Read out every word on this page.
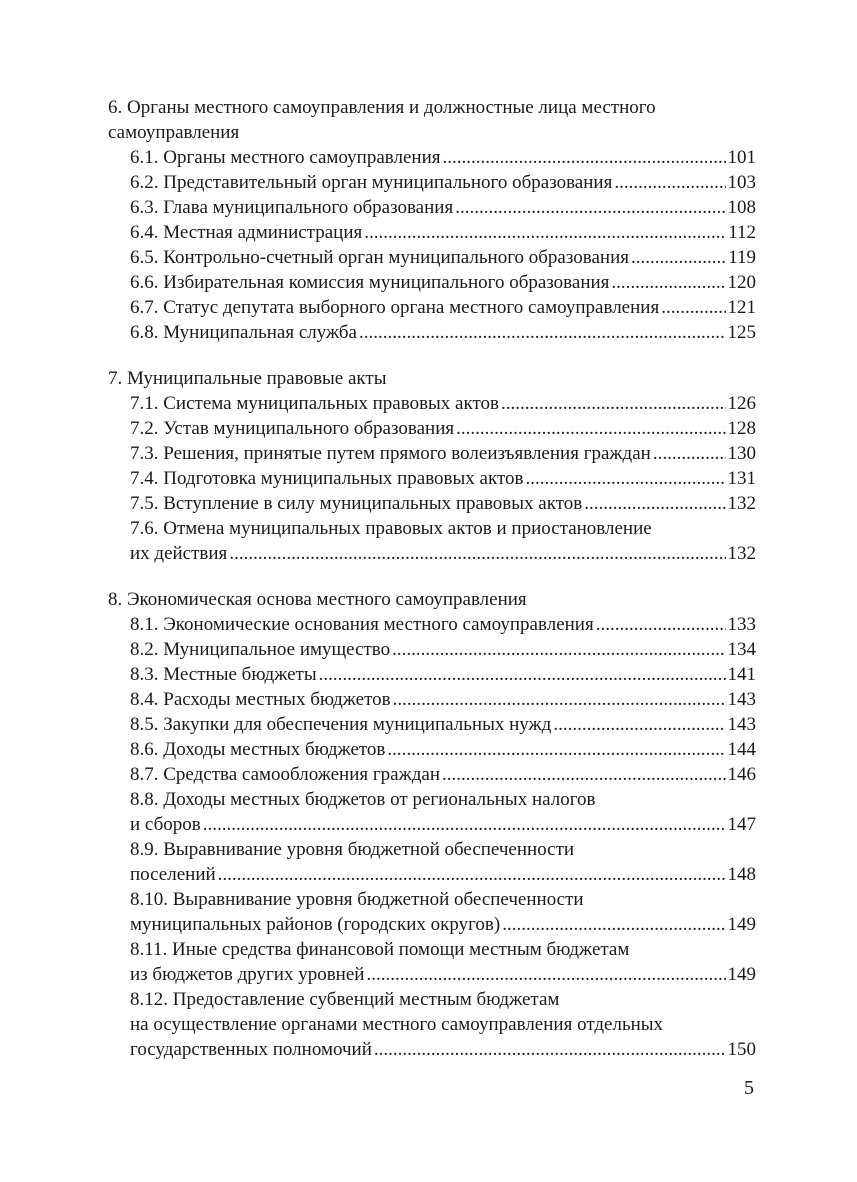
6. Органы местного самоуправления и должностные лица местного
самоуправления
6.1. Органы местного самоуправления .....	101
6.2. Представительный орган муниципального образования .....	103
6.3. Глава муниципального образования .....	108
6.4. Местная администрация .....	112
6.5. Контрольно-счетный орган муниципального образования .....	119
6.6. Избирательная комиссия муниципального образования .....	120
6.7. Статус депутата выборного органа местного самоуправления .....	121
6.8. Муниципальная служба .....	125
7. Муниципальные правовые акты
7.1. Система муниципальных правовых актов .....	126
7.2. Устав муниципального образования .....	128
7.3. Решения, принятые путем прямого волеизъявления граждан .....	130
7.4. Подготовка муниципальных правовых актов .....	131
7.5. Вступление в силу муниципальных правовых актов .....	132
7.6. Отмена муниципальных правовых актов и приостановление
их действия .....	132
8. Экономическая основа местного самоуправления
8.1. Экономические основания местного самоуправления .....	133
8.2. Муниципальное имущество .....	134
8.3. Местные бюджеты .....	141
8.4. Расходы местных бюджетов .....	143
8.5. Закупки для обеспечения муниципальных нужд .....	143
8.6. Доходы местных бюджетов .....	144
8.7. Средства самообложения граждан .....	146
8.8. Доходы местных бюджетов от региональных налогов
и сборов .....	147
8.9. Выравнивание уровня бюджетной обеспеченности
поселений .....	148
8.10. Выравнивание уровня бюджетной обеспеченности
муниципальных районов (городских округов) .....	149
8.11. Иные средства финансовой помощи местным бюджетам
из бюджетов других уровней .....	149
8.12. Предоставление субвенций местным бюджетам
на осуществление органами местного самоуправления отдельных
государственных полномочий .....	150
5
